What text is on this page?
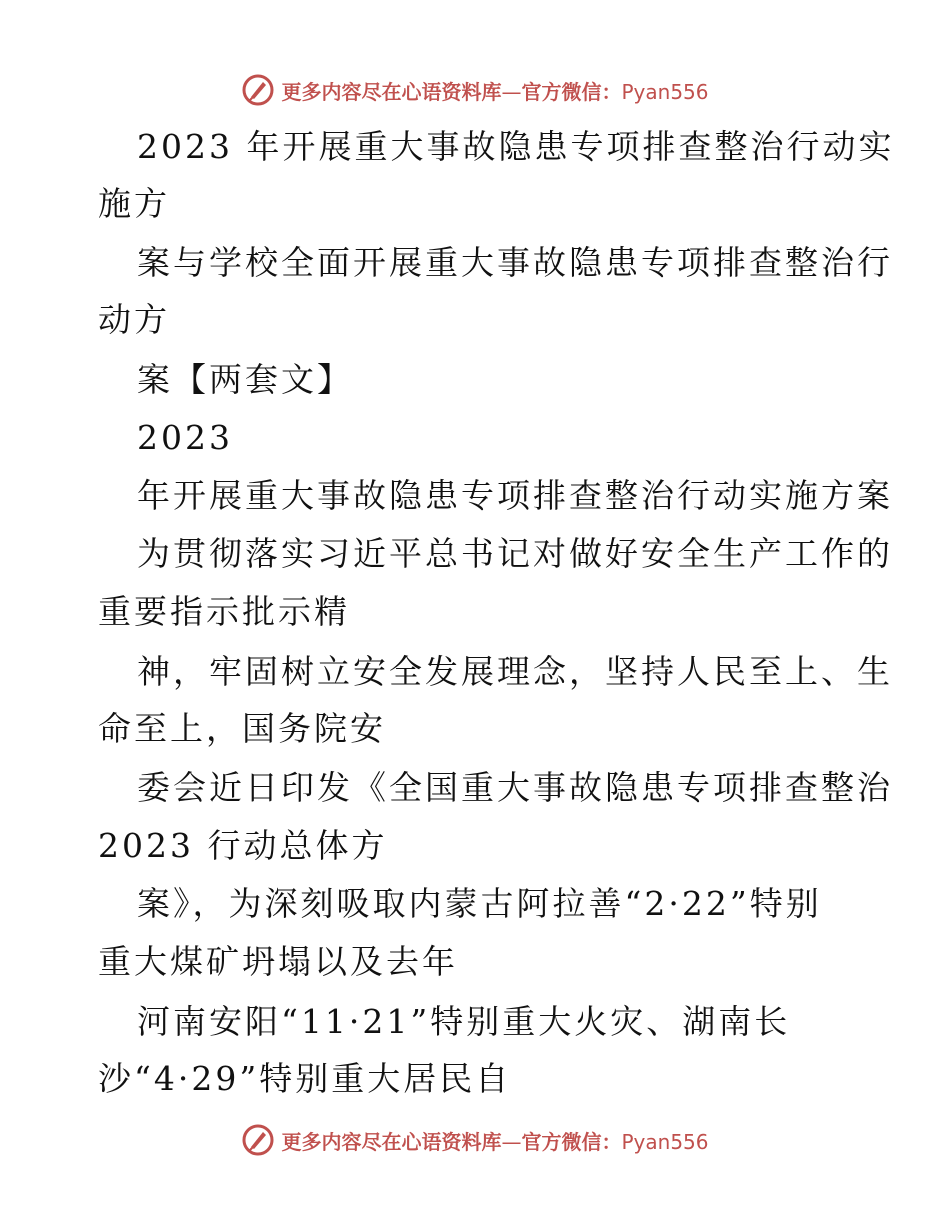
更多内容尽在心语资料库—官方微信：Pyan556
2023 年开展重大事故隐患专项排查整治行动实
施方
案与学校全面开展重大事故隐患专项排查整治行
动方
案【两套文】
2023
年开展重大事故隐患专项排查整治行动实施方案
为贯彻落实习近平总书记对做好安全生产工作的
重要指示批示精
神，牢固树立安全发展理念，坚持人民至上、生
命至上，国务院安
委会近日印发《全国重大事故隐患专项排查整治
2023 行动总体方
案》，为深刻吸取内蒙古阿拉善“2·22”特别
重大煤矿坍塌以及去年
河南安阳“11·21”特别重大火灾、湖南长
沙“4·29”特别重大居民自
更多内容尽在心语资料库—官方微信：Pyan556
